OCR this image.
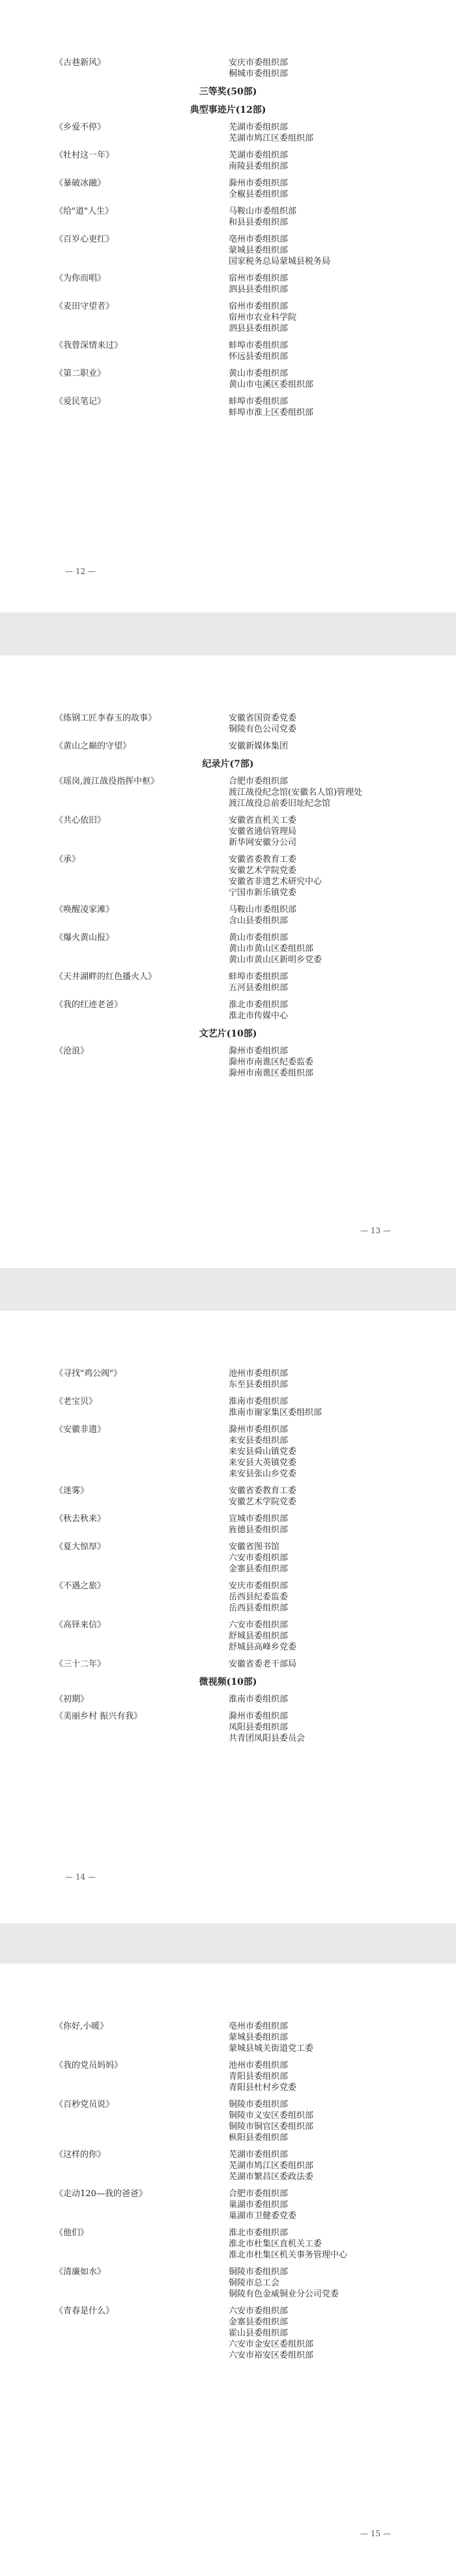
《古巷新风》	安庆市委组织部
桐城市委组织部
三等奖(50部)
典型事迹片(12部)
《乡爱不停》	芜湖市委组织部
芜湖市鸠江区委组织部
《牡村这一年》	芜湖市委组织部
南陵县委组织部
《暴破冰融》	滁州市委组织部
全椒县委组织部
《给"道"人生》	马鞍山市委组织部
和县县委组织部
《百岁心更红》	亳州市委组织部
蒙城县委组织部
国家税务总局蒙城县税务局
《为你而唱》	宿州市委组织部
泗县县委组织部
《麦田守望者》	宿州市委组织部
宿州市农业科学院
泗县县委组织部
《我曾深情来过》	蚌埠市委组织部
怀远县委组织部
《第二职业》	黄山市委组织部
黄山市屯溪区委组织部
《爱民笔记》	蚌埠市委组织部
蚌埠市淮上区委组织部
— 12 —
《练钢工匠李春玉的故事》	安徽省国资委党委
铜陵有色公司党委
《黄山之巅的守望》	安徽新媒体集团
纪录片(7部)
《瑶岗,渡江战役指挥中枢》	合肥市委组织部
渡江战役纪念馆(安徽名人馆)管理处
渡江战役总前委旧址纪念馆
《共心依旧》	安徽省直机关工委
安徽省通信管理局
新华网安徽分公司
《承》	安徽省委教育工委
安徽艺术学院党委
安徽省非遗艺术研究中心
宁国市新乐镇党委
《唤醒凌家滩》	马鞍山市委组织部
含山县委组织部
《爆火黄山报》	黄山市委组织部
黄山市黄山区委组织部
黄山市黄山区新明乡党委
《天井湖畔的红色播火人》	蚌埠市委组织部
五河县委组织部
《我的红迹老爸》	淮北市委组织部
淮北市传媒中心
文艺片(10部)
《沧浪》	滁州市委组织部
滁州市南谯区纪委监委
滁州市南谯区委组织部
— 13 —
《寻找"鸡公阀"》	池州市委组织部
东至县委组织部
《老宝贝》	淮南市委组织部
淮南市谢家集区委组织部
《安徽非遗》	滁州市委组织部
来安县委组织部
来安县舜山镇党委
来安县大英镇党委
来安县张山乡党委
《迷雾》	安徽省委教育工委
安徽艺术学院党委
《秋去秋来》	宣城市委组织部
旌德县委组织部
《夏大惊厚》	安徽省图书馆
六安市委组织部
金寨县委组织部
《不遇之旅》	安庆市委组织部
岳西县纪委监委
岳西县委组织部
《高铎来信》	六安市委组织部
舒城县委组织部
舒城县高峰乡党委
《三十二年》	安徽省委老干部局
微视频(10部)
《初期》	淮南市委组织部
《美丽乡村 振兴有我》	滁州市委组织部
凤阳县委组织部
共青团凤阳县委员会
— 14 —
《你好,小暖》	亳州市委组织部
蒙城县委组织部
蒙城县城关街道党工委
《我的党员妈妈》	池州市委组织部
青阳县委组织部
青阳县杜村乡党委
《百秒党员说》	铜陵市委组织部
铜陵市义安区委组织部
铜陵市铜官区委组织部
枞阳县委组织部
《这样的你》	芜湖市委组织部
芜湖市鸠江区委组织部
芜湖市繁昌区委政法委
《走动120—我的爸爸》	合肥市委组织部
巢湖市委组织部
巢湖市卫健委党委
《他们》	淮北市委组织部
淮北市杜集区直机关工委
淮北市杜集区机关事务管理中心
《清廉如水》	铜陵市委组织部
铜陵市总工会
铜陵有色金威铜业分公司党委
《青春是什么》	六安市委组织部
金寨县委组织部
霍山县委组织部
六安市金安区委组织部
六安市裕安区委组织部
— 15 —
